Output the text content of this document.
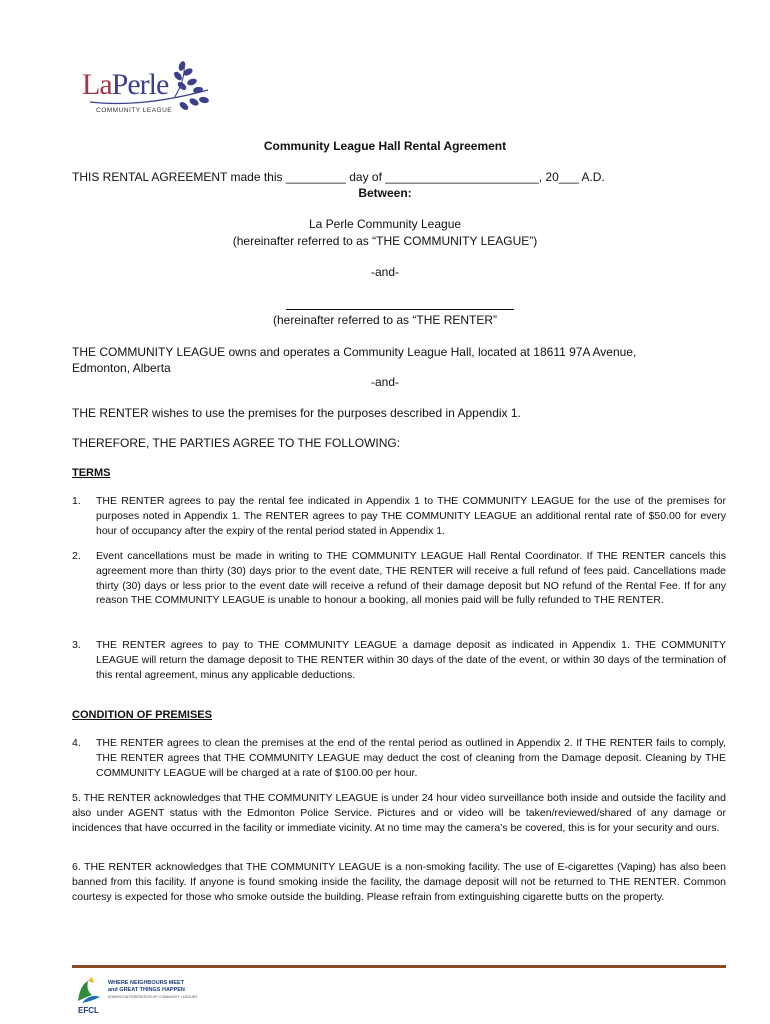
LaPerle
COMMUNITY LEAGUE
Community League Hall Rental Agreement
THIS RENTAL AGREEMENT made this _________ day of _______________________, 20___ A.D.
Between:
La Perle Community League
(hereinafter referred to as “THE COMMUNITY LEAGUE”)
-and-
(hereinafter referred to as “THE RENTER”
THE COMMUNITY LEAGUE owns and operates a Community League Hall, located at 18611 97A Avenue,
Edmonton, Alberta
-and-
THE RENTER wishes to use the premises for the purposes described in Appendix 1.
THEREFORE, THE PARTIES AGREE TO THE FOLLOWING:
TERMS
1. THE RENTER agrees to pay the rental fee indicated in Appendix 1 to THE COMMUNITY LEAGUE for the use of the premises for purposes noted in Appendix 1. The RENTER agrees to pay THE COMMUNITY LEAGUE an additional rental rate of $50.00 for every hour of occupancy after the expiry of the rental period stated in Appendix 1.
2. Event cancellations must be made in writing to THE COMMUNITY LEAGUE Hall Rental Coordinator. If THE RENTER cancels this agreement more than thirty (30) days prior to the event date, THE RENTER will receive a full refund of fees paid. Cancellations made thirty (30) days or less prior to the event date will receive a refund of their damage deposit but NO refund of the Rental Fee. If for any reason THE COMMUNITY LEAGUE is unable to honour a booking, all monies paid will be fully refunded to THE RENTER.
3. THE RENTER agrees to pay to THE COMMUNITY LEAGUE a damage deposit as indicated in Appendix 1. THE COMMUNITY LEAGUE will return the damage deposit to THE RENTER within 30 days of the date of the event, or within 30 days of the termination of this rental agreement, minus any applicable deductions.
CONDITION OF PREMISES
4. THE RENTER agrees to clean the premises at the end of the rental period as outlined in Appendix 2. If THE RENTER fails to comply, THE RENTER agrees that THE COMMUNITY LEAGUE may deduct the cost of cleaning from the Damage deposit. Cleaning by THE COMMUNITY LEAGUE will be charged at a rate of $100.00 per hour.
5. THE RENTER acknowledges that THE COMMUNITY LEAGUE is under 24 hour video surveillance both inside and outside the facility and also under AGENT status with the Edmonton Police Service. Pictures and or video will be taken/reviewed/shared of any damage or incidences that have occurred in the facility or immediate vicinity. At no time may the camera’s be covered, this is for your security and ours.
6. THE RENTER acknowledges that THE COMMUNITY LEAGUE is a non-smoking facility. The use of E-cigarettes (Vaping) has also been banned from this facility. If anyone is found smoking inside the facility, the damage deposit will not be returned to THE RENTER. Common courtesy is expected for those who smoke outside the building. Please refrain from extinguishing cigarette butts on the property.
WHERE NEIGHBOURS MEET
and GREAT THINGS HAPPEN
EDMONTON FEDERATION OF COMMUNITY LEAGUES
EFCL
